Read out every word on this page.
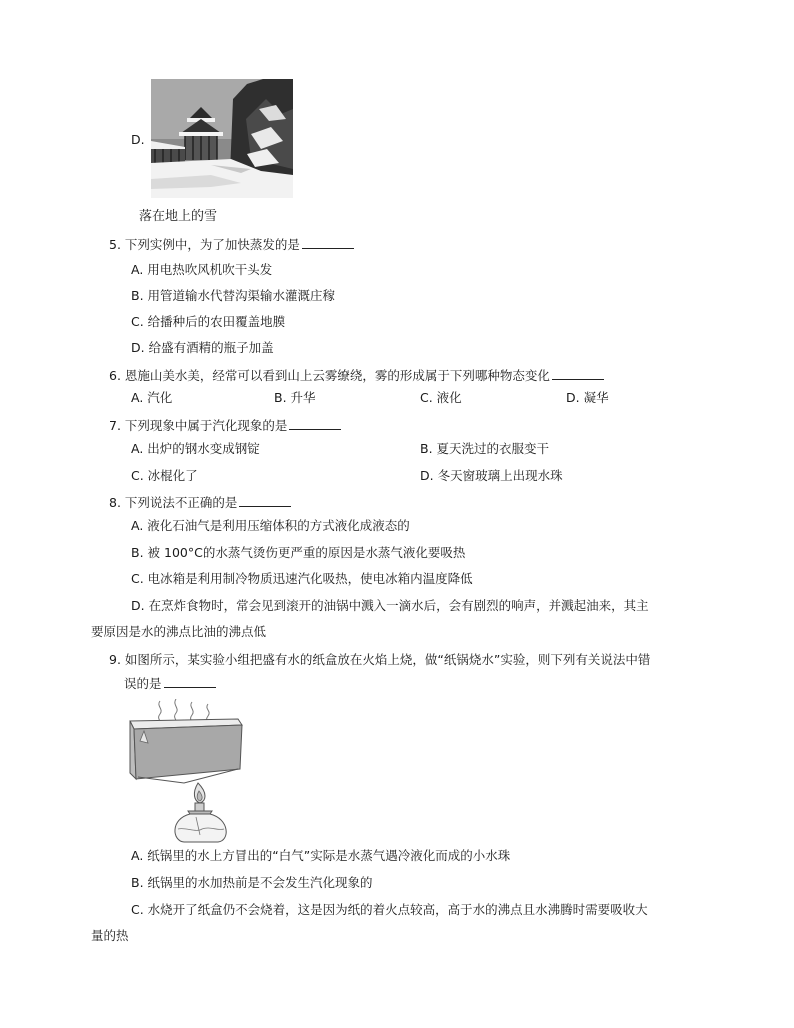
D.
落在地上的雪
5. 下列实例中，为了加快蒸发的是
A. 用电热吹风机吹干头发
B. 用管道输水代替沟渠输水灌溉庄稼
C. 给播种后的农田覆盖地膜
D. 给盛有酒精的瓶子加盖
6. 恩施山美水美，经常可以看到山上云雾缭绕，雾的形成属于下列哪种物态变化
A. 汽化	B. 升华	C. 液化	D. 凝华
7. 下列现象中属于汽化现象的是
A. 出炉的钢水变成钢锭	B. 夏天洗过的衣服变干
C. 冰棍化了	D. 冬天窗玻璃上出现水珠
8. 下列说法不正确的是
A. 液化石油气是利用压缩体积的方式液化成液态的
B. 被 100°C的水蒸气烫伤更严重的原因是水蒸气液化要吸热
C. 电冰箱是利用制冷物质迅速汽化吸热，使电冰箱内温度降低
D. 在烹炸食物时，常会见到滚开的油锅中溅入一滴水后，会有剧烈的响声，并溅起油来，其主
要原因是水的沸点比油的沸点低
9. 如图所示，某实验小组把盛有水的纸盒放在火焰上烧，做“纸锅烧水”实验，则下列有关说法中错
误的是
A. 纸锅里的水上方冒出的“白气”实际是水蒸气遇冷液化而成的小水珠
B. 纸锅里的水加热前是不会发生汽化现象的
C. 水烧开了纸盒仍不会烧着，这是因为纸的着火点较高，高于水的沸点且水沸腾时需要吸收大
量的热
